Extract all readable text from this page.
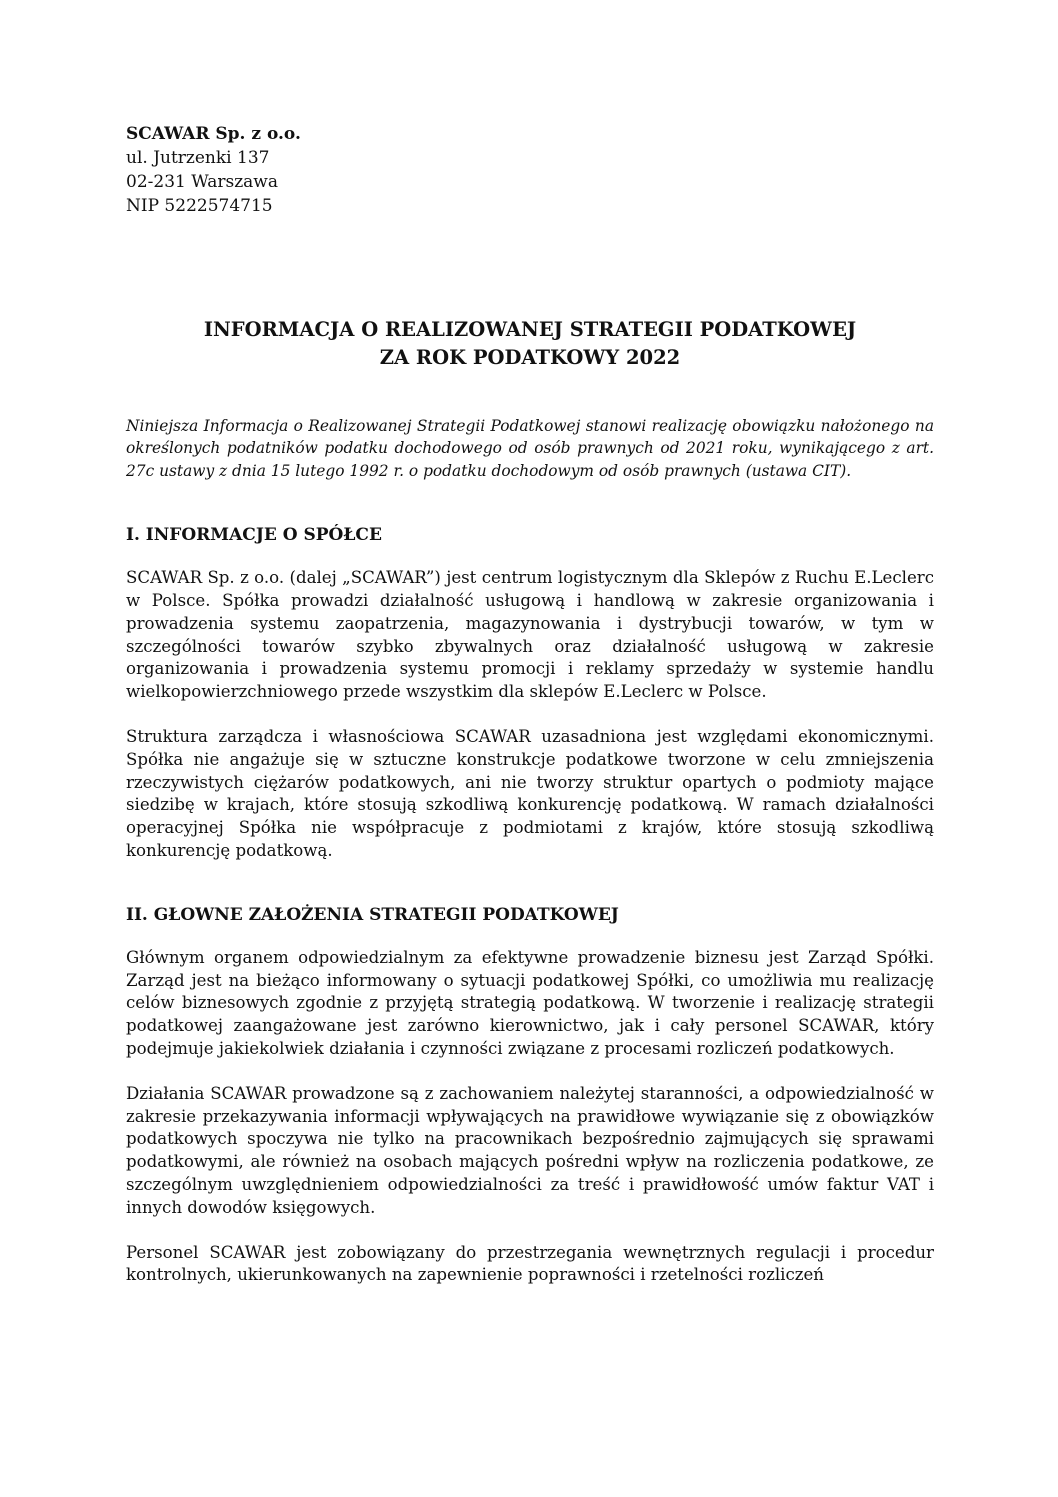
SCAWAR Sp. z o.o.
ul. Jutrzenki 137
02-231 Warszawa
NIP 5222574715
INFORMACJA O REALIZOWANEJ STRATEGII PODATKOWEJ
ZA ROK PODATKOWY 2022
Niniejsza Informacja o Realizowanej Strategii Podatkowej stanowi realizację obowiązku nałożonego na określonych podatników podatku dochodowego od osób prawnych od 2021 roku, wynikającego z art. 27c ustawy z dnia 15 lutego 1992 r. o podatku dochodowym od osób prawnych (ustawa CIT).
I. INFORMACJE O SPÓŁCE
SCAWAR Sp. z o.o. (dalej „SCAWAR”) jest centrum logistycznym dla Sklepów z Ruchu E.Leclerc w Polsce. Spółka prowadzi działalność usługową i handlową w zakresie organizowania i prowadzenia systemu zaopatrzenia, magazynowania i dystrybucji towarów, w tym w szczególności towarów szybko zbywalnych oraz działalność usługową w zakresie organizowania i prowadzenia systemu promocji i reklamy sprzedaży w systemie handlu wielkopowierzchniowego przede wszystkim dla sklepów E.Leclerc w Polsce.
Struktura zarządcza i własnościowa SCAWAR uzasadniona jest względami ekonomicznymi. Spółka nie angażuje się w sztuczne konstrukcje podatkowe tworzone w celu zmniejszenia rzeczywistych ciężarów podatkowych, ani nie tworzy struktur opartych o podmioty mające siedzibę w krajach, które stosują szkodliwą konkurencję podatkową. W ramach działalności operacyjnej Spółka nie współpracuje z podmiotami z krajów, które stosują szkodliwą konkurencję podatkową.
II. GŁOWNE ZAŁOŻENIA STRATEGII PODATKOWEJ
Głównym organem odpowiedzialnym za efektywne prowadzenie biznesu jest Zarząd Spółki. Zarząd jest na bieżąco informowany o sytuacji podatkowej Spółki, co umożliwia mu realizację celów biznesowych zgodnie z przyjętą strategią podatkową. W tworzenie i realizację strategii podatkowej zaangażowane jest zarówno kierownictwo, jak i cały personel SCAWAR, który podejmuje jakiekolwiek działania i czynności związane z procesami rozliczeń podatkowych.
Działania SCAWAR prowadzone są z zachowaniem należytej staranności, a odpowiedzialność w zakresie przekazywania informacji wpływających na prawidłowe wywiązanie się z obowiązków podatkowych spoczywa nie tylko na pracownikach bezpośrednio zajmujących się sprawami podatkowymi, ale również na osobach mających pośredni wpływ na rozliczenia podatkowe, ze szczególnym uwzględnieniem odpowiedzialności za treść i prawidłowość umów faktur VAT i innych dowodów księgowych.
Personel SCAWAR jest zobowiązany do przestrzegania wewnętrznych regulacji i procedur kontrolnych, ukierunkowanych na zapewnienie poprawności i rzetelności rozliczeń
